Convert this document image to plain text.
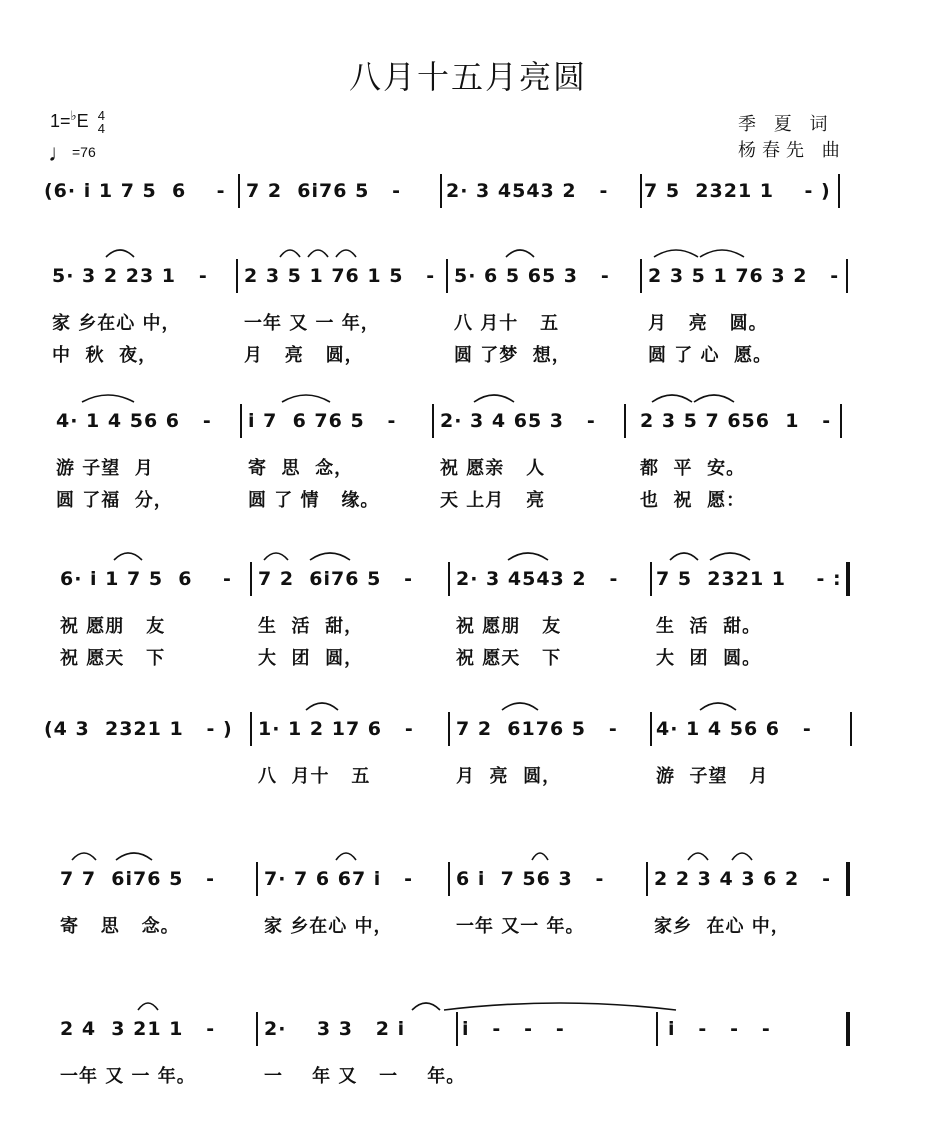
八月十五月亮圆
1=♭E 4
4
♩=76
季 夏 词
杨春先 曲
(6· i 1 7 5  6    - 7 2  6i76 5   - 2· 3 4543 2   - 7 5  2321 1    - )
5· 3 2 23 1   - 2 3 5 1 76 1 5   - 5· 6 5 65 3   - 2 3 5 1 76 3 2   -
家 乡在心 中，	一年 又 一 年，	八 月十   五	月   亮   圆。
中  秋  夜，	月   亮   圆，	圆 了梦  想，	圆 了 心  愿。
4· 1 4 56 6   - i 7  6 76 5   - 2· 3 4 65 3   - 2 3 5 7 656  1   -
游 子望  月	寄  思  念，	祝 愿亲   人	都  平  安。
圆 了福  分，	圆 了 情   缘。	天 上月   亮	也  祝  愿：
6· i 1 7 5  6    - 7 2  6i76 5   - 2· 3 4543 2   - 7 5  2321 1    - :
祝 愿朋   友	生  活  甜，	祝 愿朋   友	生  活  甜。
祝 愿天   下	大  团  圆，	祝 愿天   下	大  团  圆。
(4 3  2321 1   - ) 1· 1 2 17 6   - 7 2  6176 5   - 4· 1 4 56 6   -
八  月十   五	月  亮  圆，	游  子望   月
7 7  6i76 5   -	7· 7 6 67 i   - 6 i  7 56 3   -	2 2 3 4 3 6 2   -
寄   思   念。	家 乡在心 中，	一年 又一 年。	家乡  在心 中，
2 4  3 21 1   -	2·    3 3   2 i	i   -   -   -	i   -   -   -
一年 又 一 年。	一    年 又   一    年。
